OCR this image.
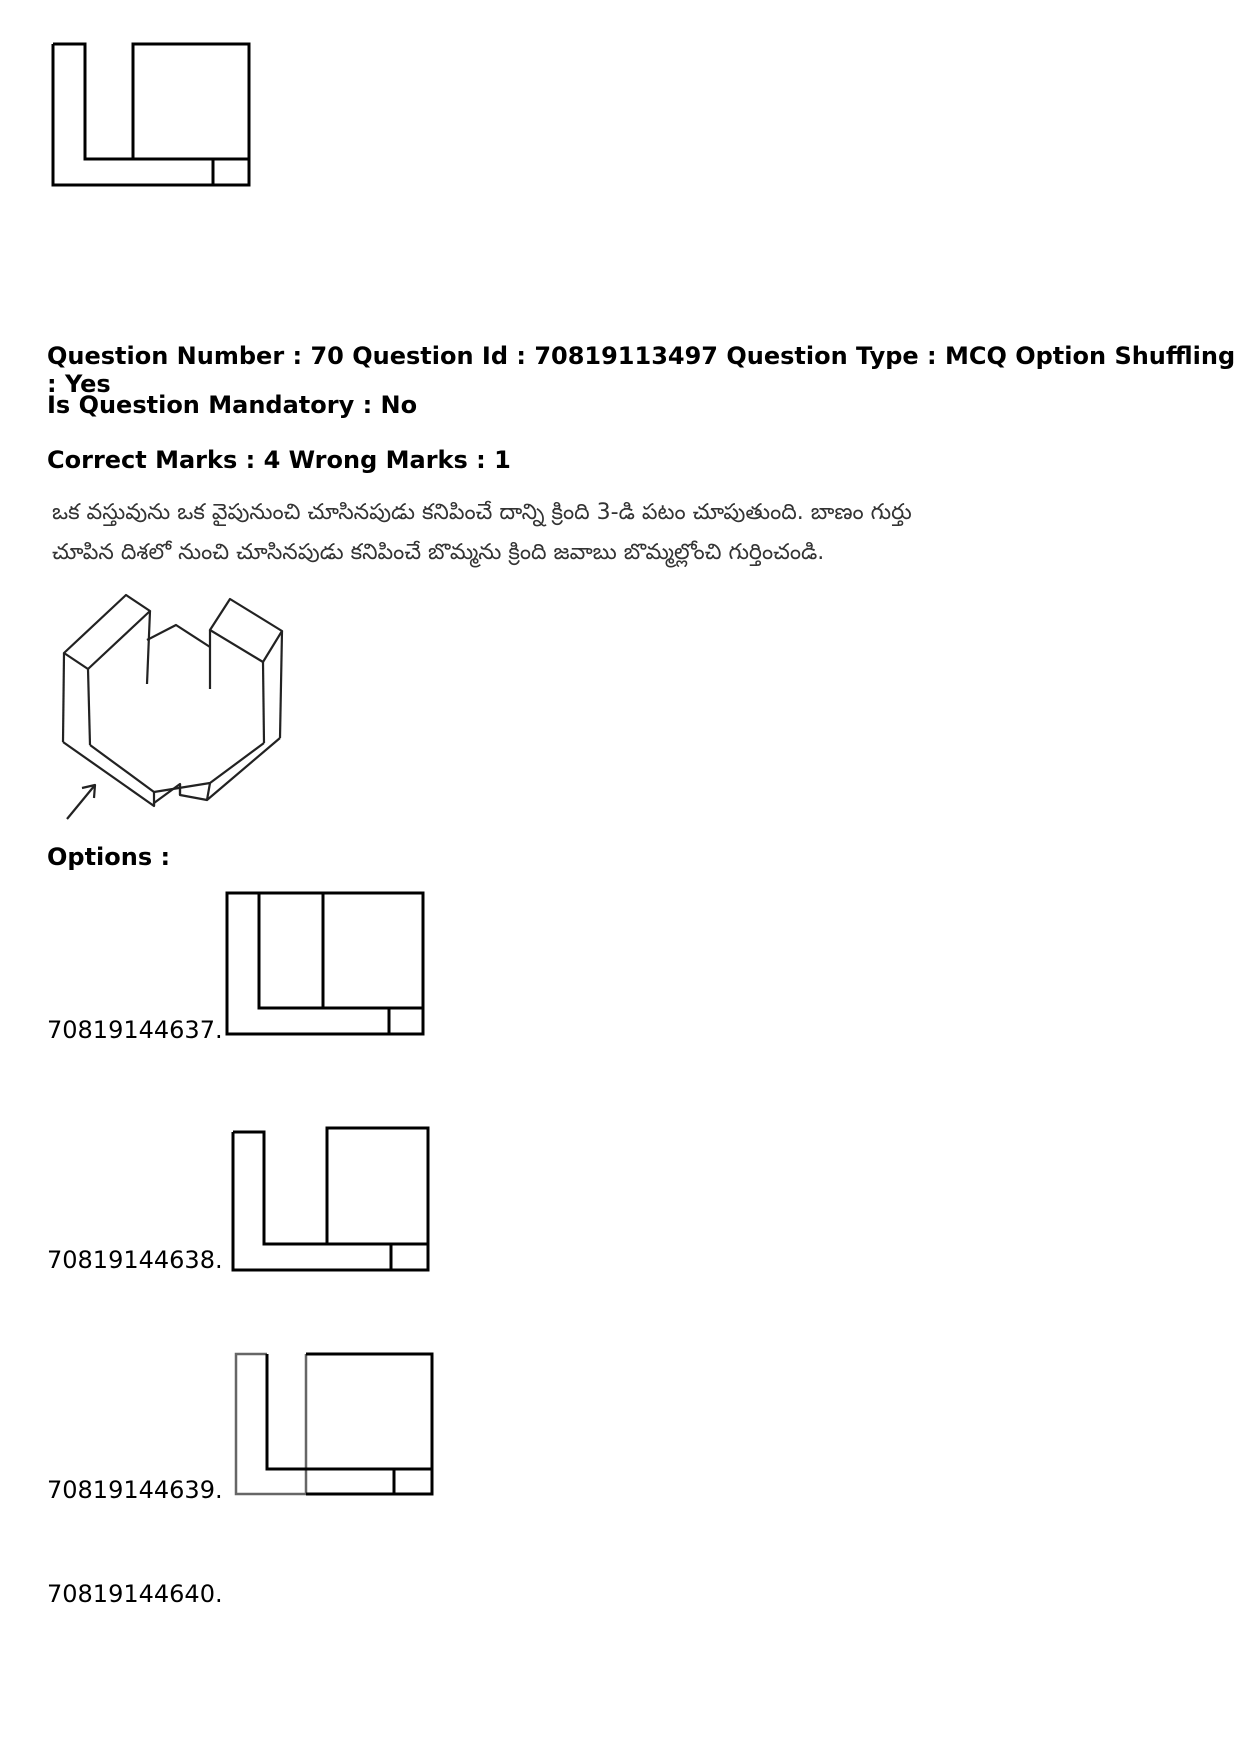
Question Number : 70 Question Id : 70819113497 Question Type : MCQ Option Shuffling : Yes
Is Question Mandatory : No
Correct Marks : 4 Wrong Marks : 1
ఒక వస్తువును ఒక వైపునుంచి చూసినపుడు కనిపించే దాన్ని క్రింది 3-డి పటం చూపుతుంది. బాణం గుర్తు
చూపిన దిశలో నుంచి చూసినపుడు కనిపించే బొమ్మను క్రింది జవాబు బొమ్మల్లోంచి గుర్తించండి.
Options :
70819144637.
70819144638.
70819144639.
70819144640.
